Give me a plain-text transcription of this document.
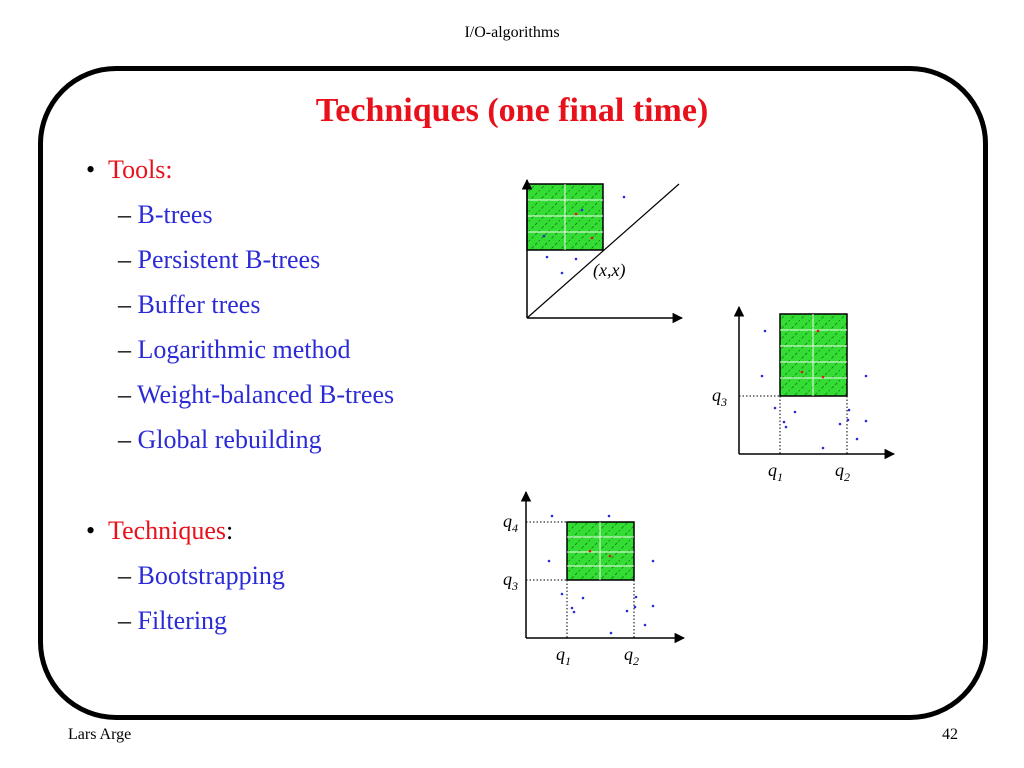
I/O-algorithms
Techniques (one final time)
• Tools:
– B-trees
– Persistent B-trees
– Buffer trees
– Logarithmic method
– Weight-balanced B-trees
– Global rebuilding
• Techniques:
– Bootstrapping
– Filtering
(x,x)
$q_3$
$q_1$	$q_2$
$q_4$
$q_3$
$q_1$	$q_2$
Lars Arge	42
